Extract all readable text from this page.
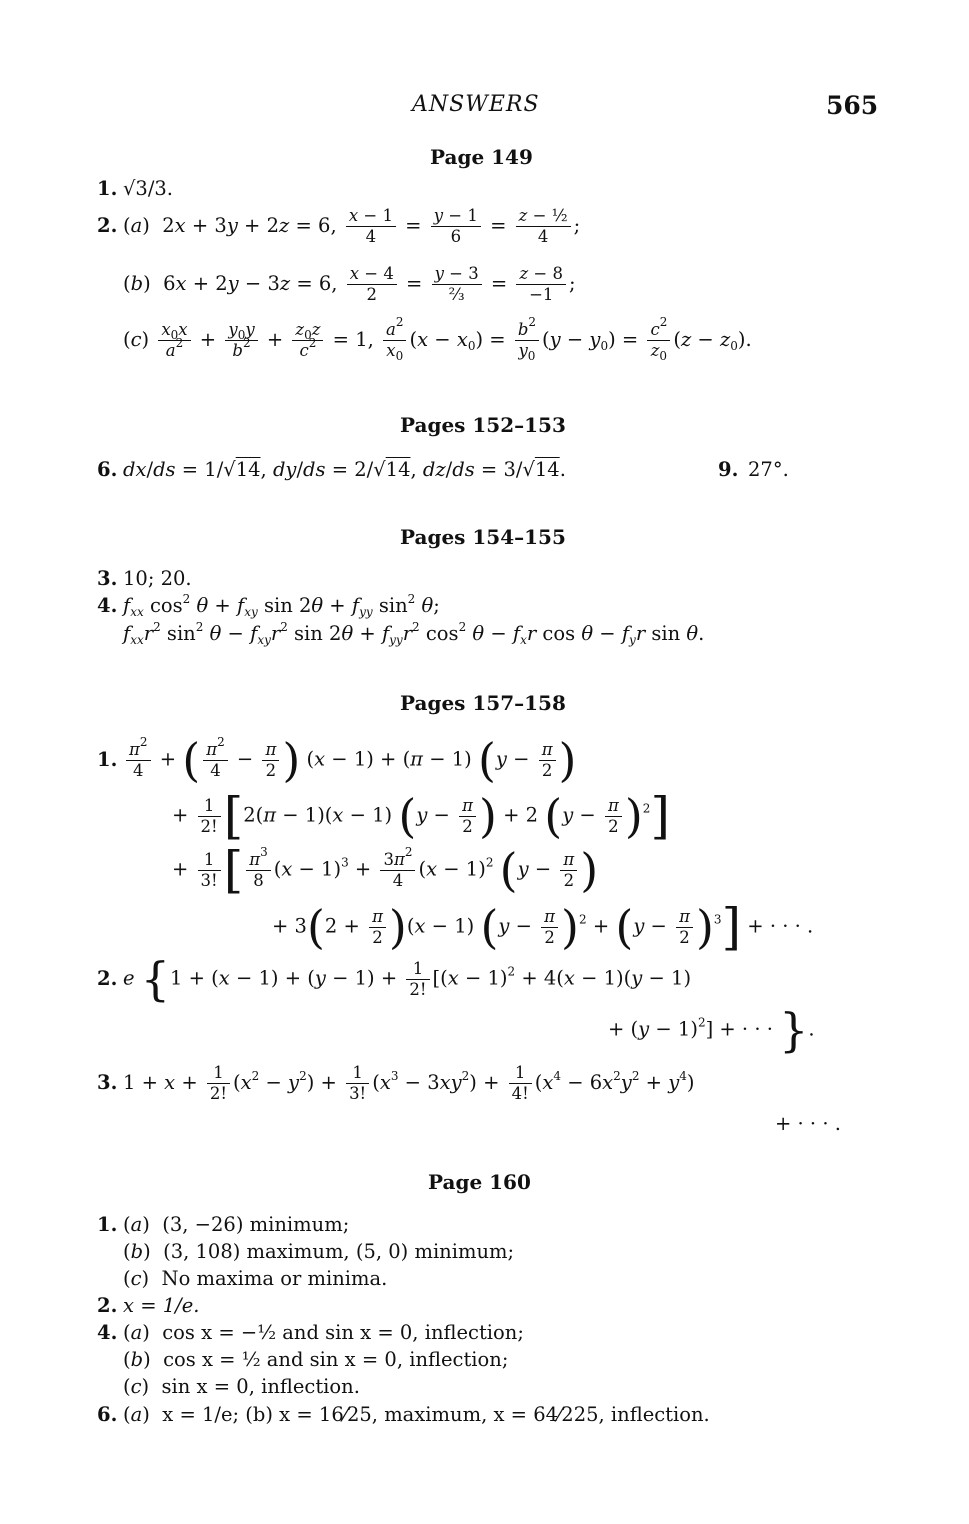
ANSWERS	565
Page 149
1. √3/3.
2. (a)  2x + 3y + 2z = 6, $\frac{x - 1}{4} = \frac{y - 1}{6} = \frac{\text{z − ½}}{4}$ ;
(b)  6x + 2y − 3z = 6, $\frac{x - 4}{2} = \frac{y - 3}{\text{⅔}} = \frac{z - 8}{-1}$ ;
$(c) \frac{x_0x}{a^2} + \frac{y_0y}{b^2} + \frac{z_0z}{c^2} = 1$, $\frac{a^2}{x_0} (x - x_0) = \frac{b^2}{y_0} (y - y_0) = \frac{c^2}{z_0} (z - z_0)$.
Pages 152–153
6. dx/ds = 1/√14, dy/ds = 2/√14, dz/ds = 3/√14.	9. 27°.
Pages 154–155
3. 10; 20.
4. $f_{xx}$ $\cos^2 \theta + f_{xy}$ $\sin 2\theta + f_{yy}$ $\sin^2 \theta$;
$f_{xx}r^2$ $\sin^2 \theta - f_{xy}r^2$ $\sin 2\theta + f_{yy}r^2$ $\cos^2 \theta - f_xr$ $\cos \theta - f_yr$ sin θ.
Pages 157–158
1. $\frac{\pi^2}{4}$ + ( $\frac{\pi^2}{4} - \frac{\pi}{2}$ ) (x − 1) + (π − 1) ($y - \frac{\pi}{2}$ )
+ $\frac{1}{2!} [2(\pi - 1)(x - 1) (y - \frac{\pi}{2}$ ) + 2 $(y - \frac{\pi}{2} )^2$]
+ $\frac{1}{3!}$ [ $\frac{\pi^3}{8} (x - 1)^3 + \frac{3\pi^2}{4} (x - 1)^2$ ($y - \frac{\pi}{2}$ )
+ $3(2 + \frac{\pi}{2} )(x - 1)$ $(y - \frac{\pi}{2} )^2 + (y - \frac{\pi}{2} )^3$] + · · · .
2. e {$1 + (x - 1) + (y - 1) + \frac{1}{2!} [(x - 1)^2 + 4(x - 1)(y - 1)$
+ $(y - 1)^2$] + · · · }.
3. $1 + x + \frac{1}{2!} (x^2 - y^2) + \frac{1}{3!} (x^3 - 3xy^2) + \frac{1}{4!} (x^4 - 6x^2y^2 + y^4)$
+ · · · .
Page 160
1. (a)  (3, −26) minimum;
(b)  (3, 108) maximum, (5, 0) minimum;
(c)  No maxima or minima.
2. x = 1/e.
4. (a)  cos x = −½ and sin x = 0, inflection;
(b)  cos x = ½ and sin x = 0, inflection;
(c)  sin x = 0, inflection.
6. (a)  x = 1/e; (b) x = 16⁄25, maximum, x = 64⁄225, inflection.
